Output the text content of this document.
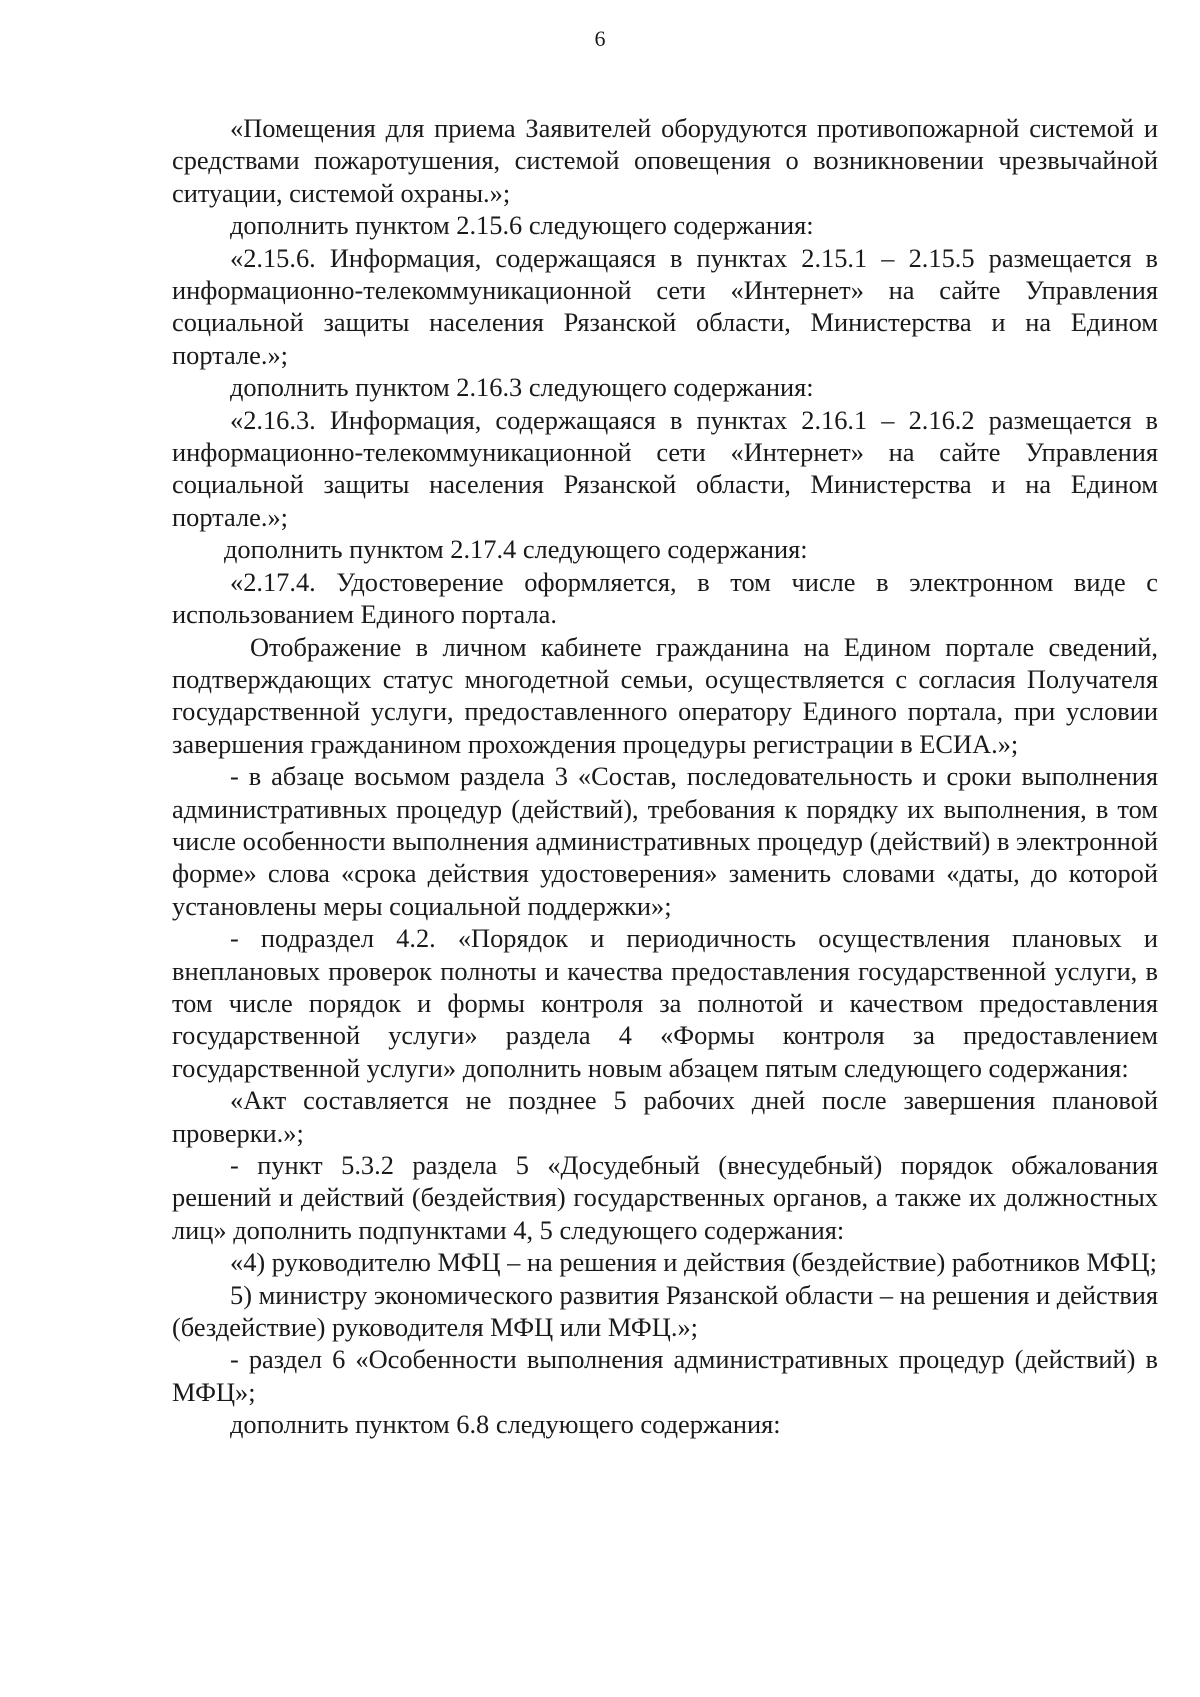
6

«Помещения для приема Заявителей оборудуются противопожарной системой и средствами пожаротушения, системой оповещения о возникновении чрезвычайной ситуации, системой охраны.»;

дополнить пунктом 2.15.6 следующего содержания:

«2.15.6. Информация, содержащаяся в пунктах 2.15.1 – 2.15.5 размещается в информационно-телекоммуникационной сети «Интернет» на сайте Управления социальной защиты населения Рязанской области, Министерства и на Едином портале.»;

дополнить пунктом 2.16.3 следующего содержания:

«2.16.3. Информация, содержащаяся в пунктах 2.16.1 – 2.16.2 размещается в информационно-телекоммуникационной сети «Интернет» на сайте Управления социальной защиты населения Рязанской области, Министерства и на Едином портале.»;

дополнить пунктом 2.17.4 следующего содержания:

«2.17.4. Удостоверение оформляется, в том числе в электронном виде с использованием Единого портала.

Отображение в личном кабинете гражданина на Едином портале сведений, подтверждающих статус многодетной семьи, осуществляется с согласия Получателя государственной услуги, предоставленного оператору Единого портала, при условии завершения гражданином прохождения процедуры регистрации в ЕСИА.»;

- в абзаце восьмом раздела 3 «Состав, последовательность и сроки выполнения административных процедур (действий), требования к порядку их выполнения, в том числе особенности выполнения административных процедур (действий) в электронной форме» слова «срока действия удостоверения» заменить словами «даты, до которой установлены меры социальной поддержки»;

- подраздел 4.2. «Порядок и периодичность осуществления плановых и внеплановых проверок полноты и качества предоставления государственной услуги, в том числе порядок и формы контроля за полнотой и качеством предоставления государственной услуги» раздела 4 «Формы контроля за предоставлением государственной услуги» дополнить новым абзацем пятым следующего содержания:

«Акт составляется не позднее 5 рабочих дней после завершения плановой проверки.»;

- пункт 5.3.2 раздела 5 «Досудебный (внесудебный) порядок обжалования решений и действий (бездействия) государственных органов, а также их должностных лиц» дополнить подпунктами 4, 5 следующего содержания:

«4) руководителю МФЦ – на решения и действия (бездействие) работников МФЦ;

5) министру экономического развития Рязанской области – на решения и действия (бездействие) руководителя МФЦ или МФЦ.»;

- раздел 6 «Особенности выполнения административных процедур (действий) в МФЦ»;

дополнить пунктом 6.8 следующего содержания:
